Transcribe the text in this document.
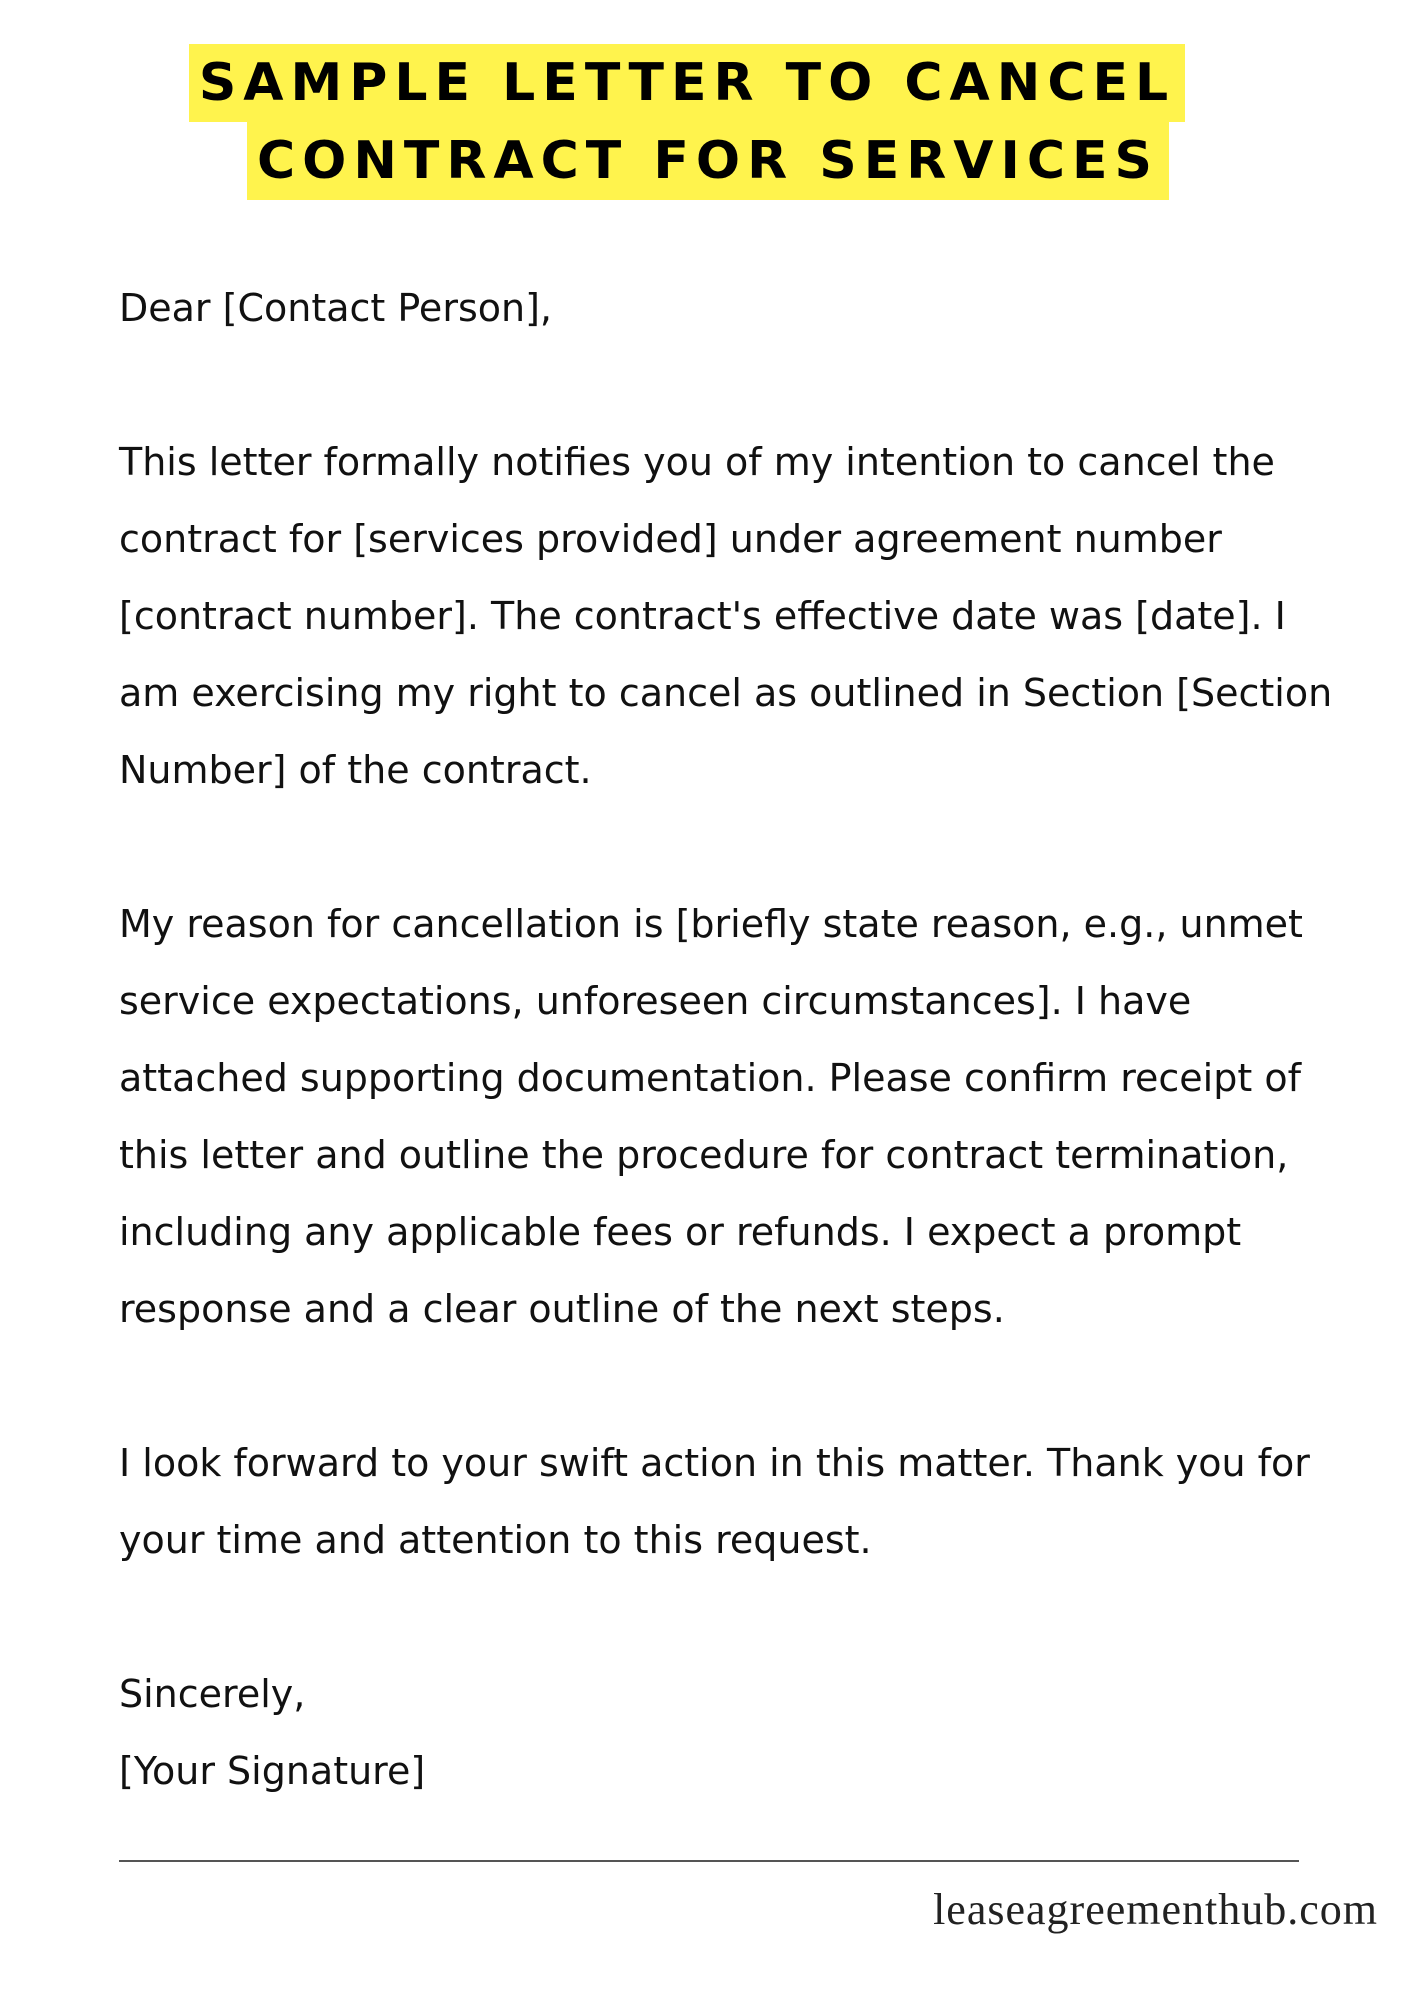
SAMPLE LETTER TO CANCEL
CONTRACT FOR SERVICES

Dear [Contact Person],

This letter formally notifies you of my intention to cancel the contract for [services provided] under agreement number [contract number]. The contract's effective date was [date]. I am exercising my right to cancel as outlined in Section [Section Number] of the contract.

My reason for cancellation is [briefly state reason, e.g., unmet service expectations, unforeseen circumstances]. I have attached supporting documentation. Please confirm receipt of this letter and outline the procedure for contract termination, including any applicable fees or refunds. I expect a prompt response and a clear outline of the next steps.

I look forward to your swift action in this matter. Thank you for your time and attention to this request.

Sincerely,

[Your Signature]

leaseagreementhub.com
